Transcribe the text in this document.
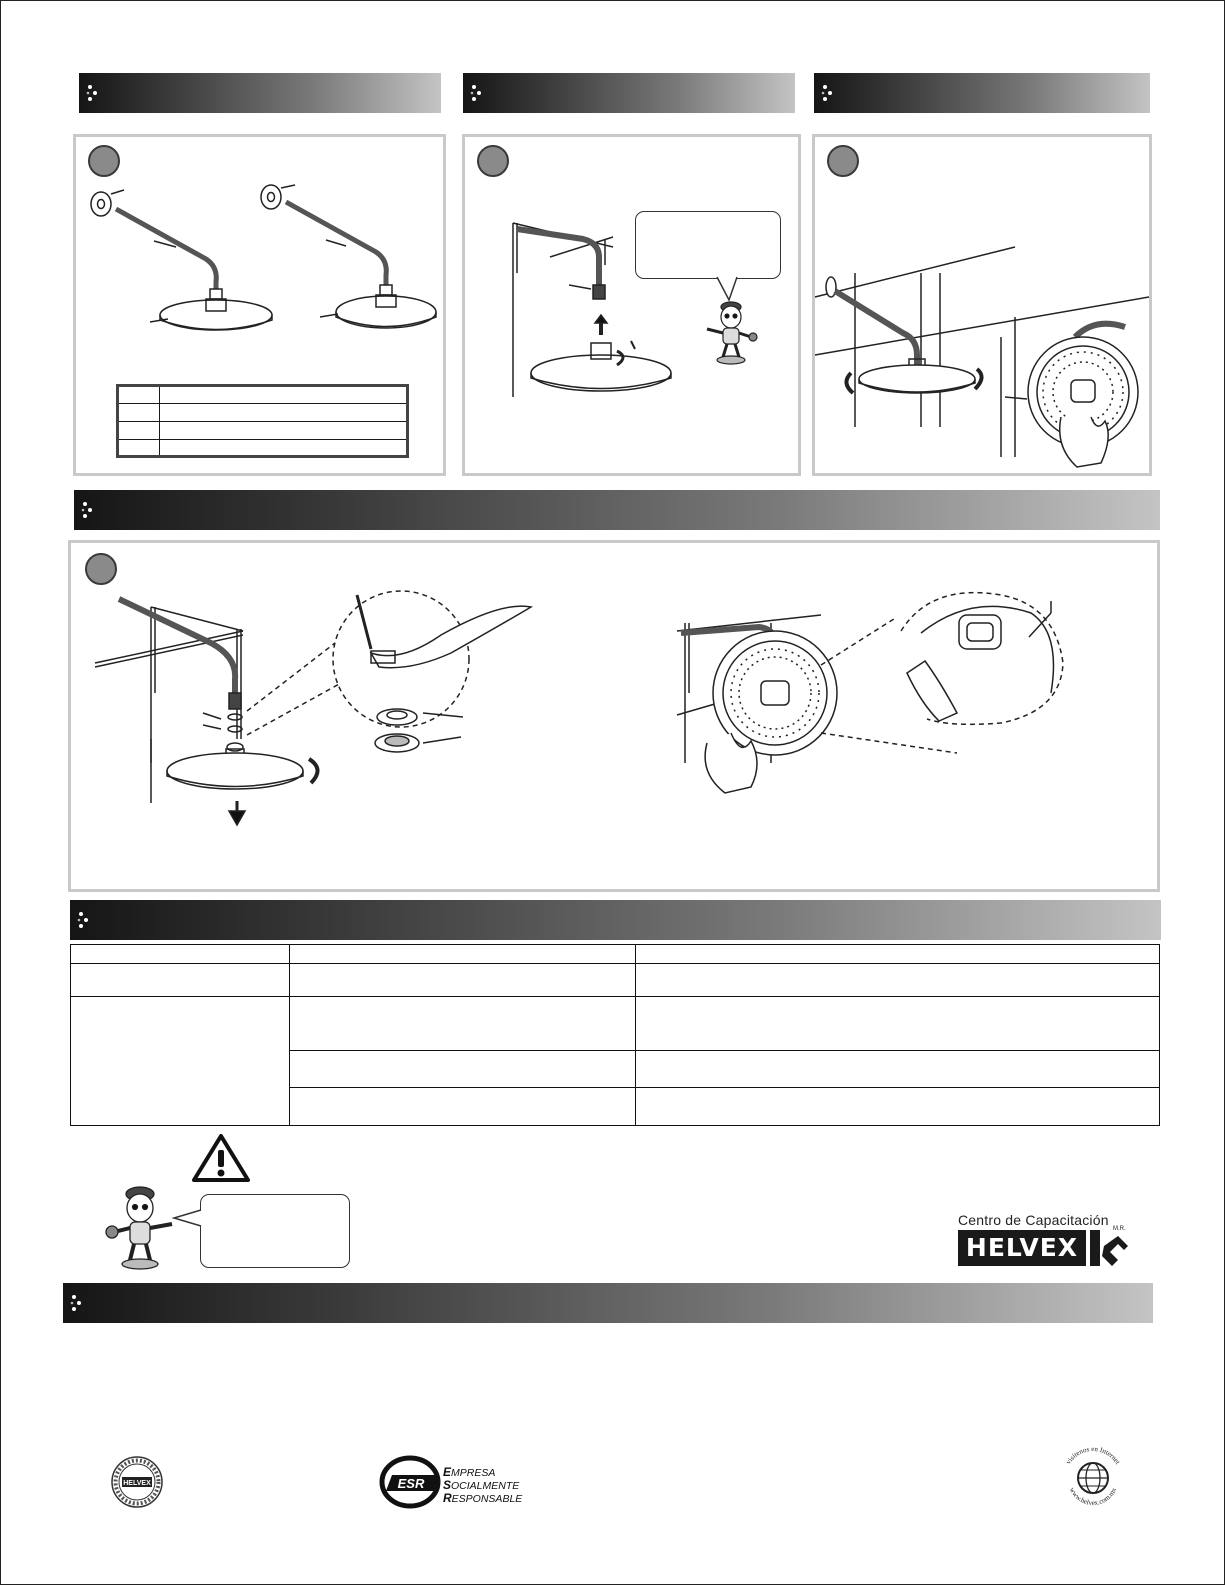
Centro de Capacitación
HELVEX
M.R.
HELVEX	ESR
EMPRESA
SOCIALMENTE
RESPONSABLE
visítenos en Internet
www.helvex.com.mx
